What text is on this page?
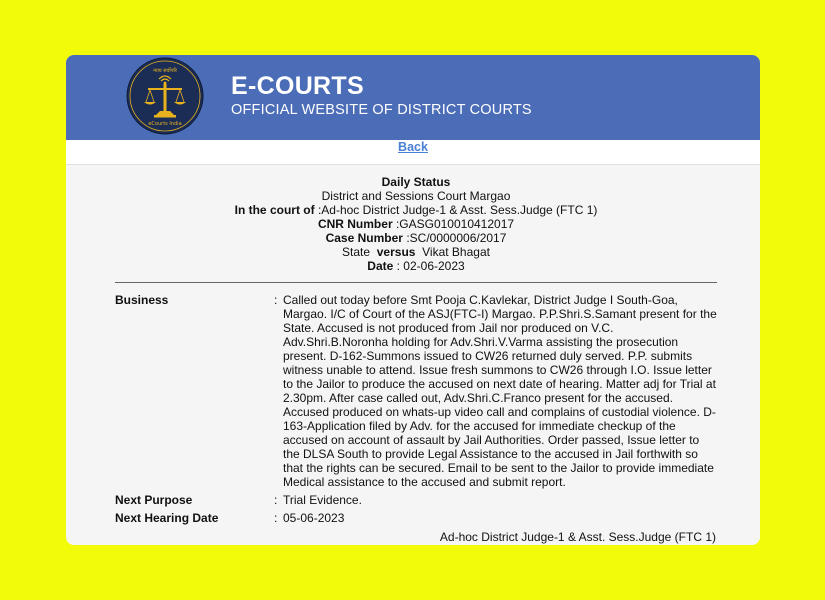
न्याय सर्वोपरि
eCourts India
E-COURTS
OFFICIAL WEBSITE OF DISTRICT COURTS
Back
Daily Status
District and Sessions Court Margao
In the court of :Ad-hoc District Judge-1 & Asst. Sess.Judge (FTC 1)
CNR Number :GASG010010412017
Case Number :SC/0000006/2017
State versus Vikat Bhagat
Date : 02-06-2023
Business	: Called out today before Smt Pooja C.Kavlekar, District Judge I South-Goa, Margao. I/C of Court of the ASJ(FTC-I) Margao. P.P.Shri.S.Samant present for the State. Accused is not produced from Jail nor produced on V.C. Adv.Shri.B.Noronha holding for Adv.Shri.V.Varma assisting the prosecution present. D-162-Summons issued to CW26 returned duly served. P.P. submits witness unable to attend. Issue fresh summons to CW26 through I.O. Issue letter to the Jailor to produce the accused on next date of hearing. Matter adj for Trial at 2.30pm. After case called out, Adv.Shri.C.Franco present for the accused. Accused produced on whats-up video call and complains of custodial violence. D-163-Application filed by Adv. for the accused for immediate checkup of the accused on account of assault by Jail Authorities. Order passed, Issue letter to the DLSA South to provide Legal Assistance to the accused in Jail forthwith so that the rights can be secured. Email to be sent to the Jailor to provide immediate Medical assistance to the accused and submit report.
Next Purpose	: Trial Evidence.
Next Hearing Date	: 05-06-2023
Ad-hoc District Judge-1 & Asst. Sess.Judge (FTC 1)
